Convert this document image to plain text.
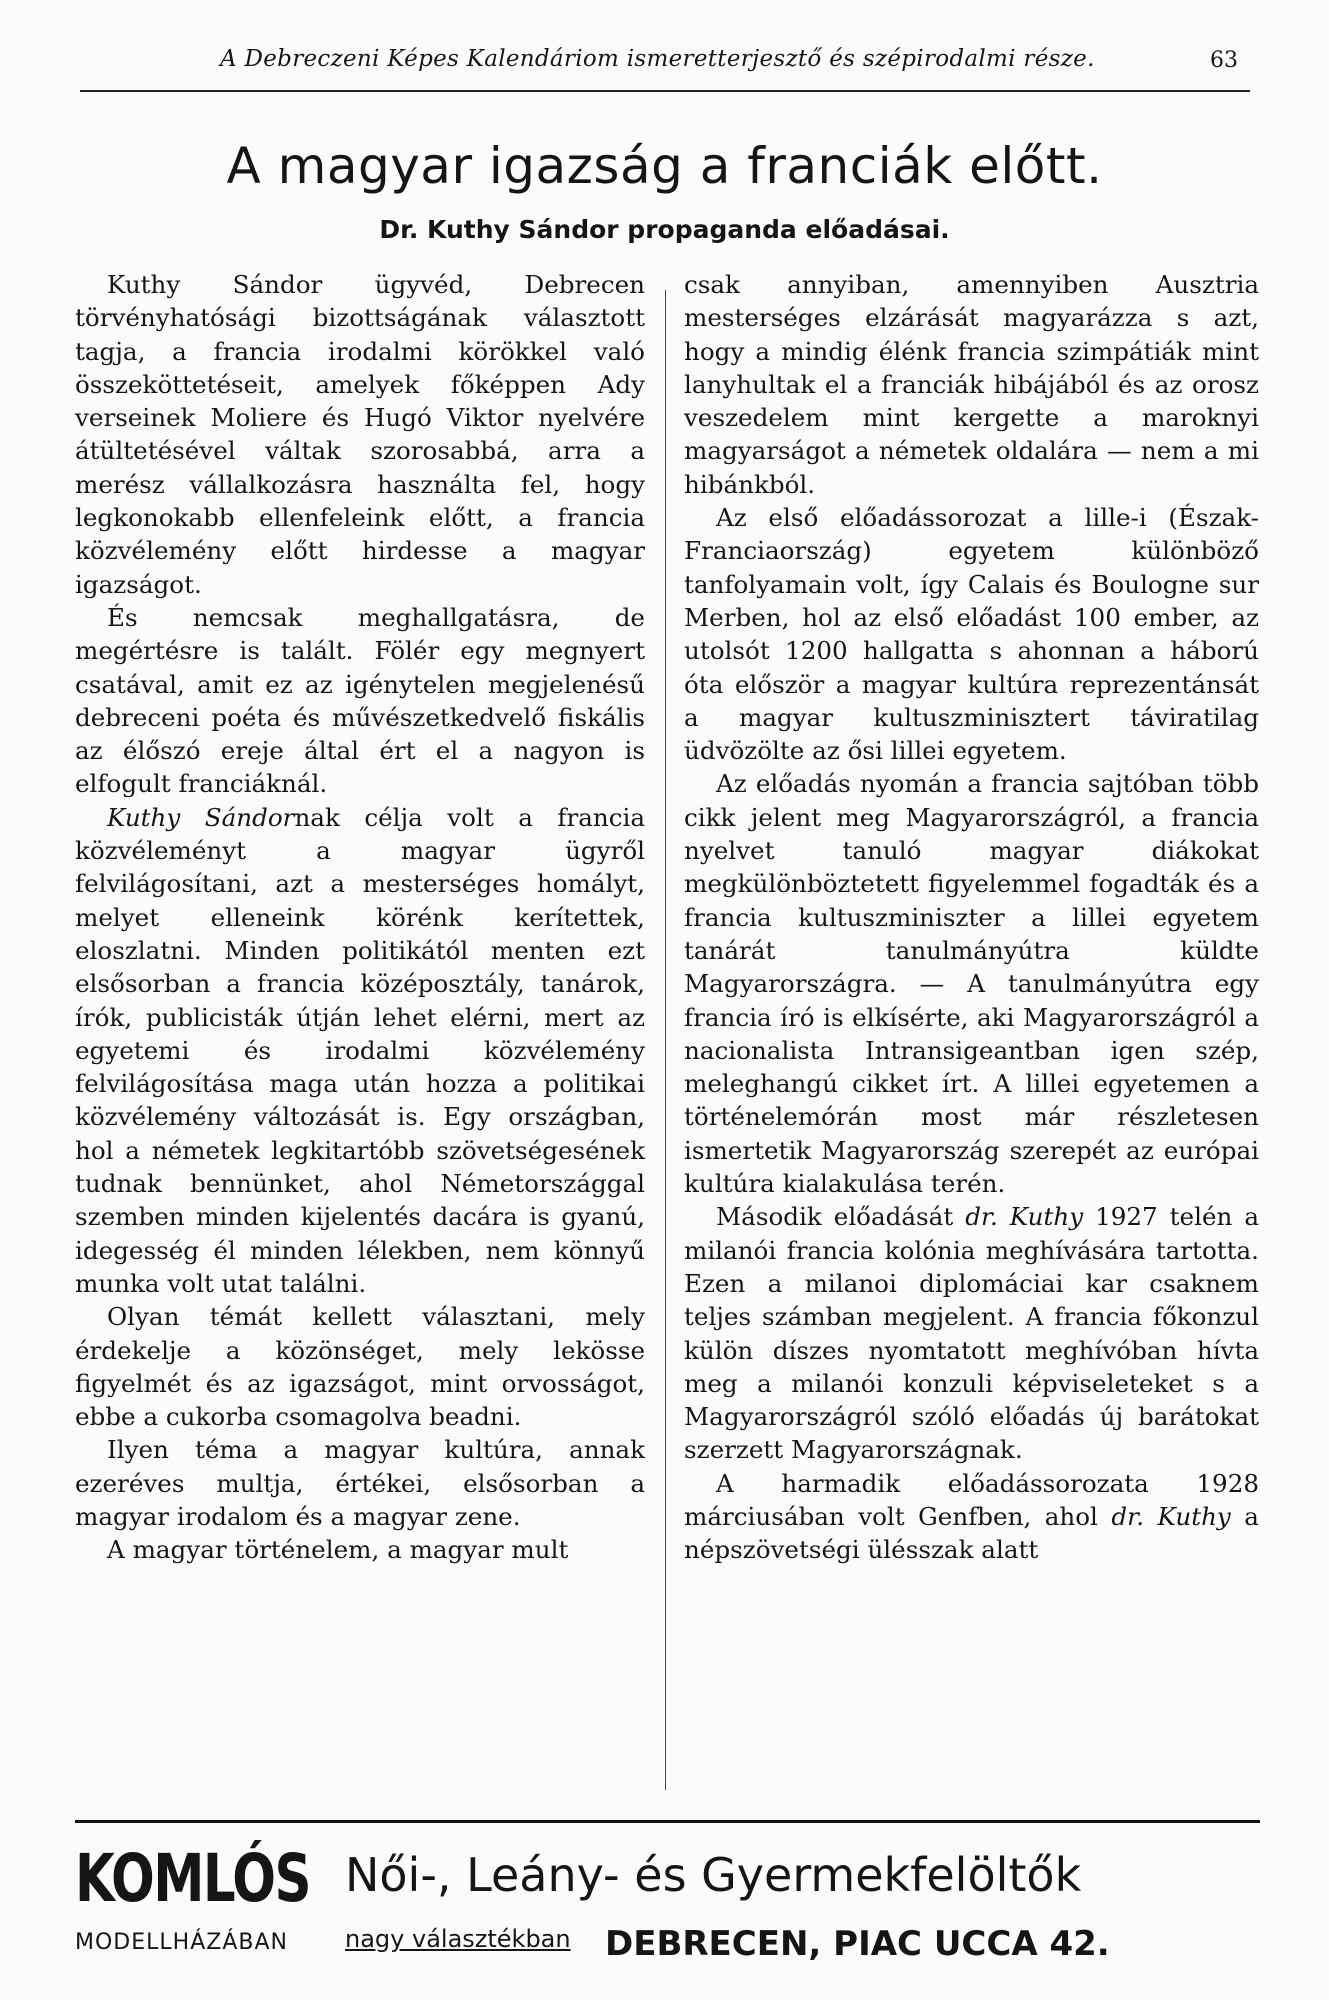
A Debreczeni Képes Kalendáriom ismeretterjesztő és szépirodalmi része.	63
A magyar igazság a franciák előtt.
Dr. Kuthy Sándor propaganda előadásai.

Kuthy Sándor ügyvéd, Debrecen törvényhatósági bizottságának választott tagja, a francia irodalmi körökkel való összeköttetéseit, amelyek főképpen Ady verseinek Moliere és Hugó Viktor nyelvére átültetésével váltak szorosabbá, arra a merész vállalkozásra használta fel, hogy legkonokabb ellenfeleink előtt, a francia közvélemény előtt hirdesse a magyar igazságot.

És nemcsak meghallgatásra, de megértésre is talált. Fölér egy megnyert csatával, amit ez az igénytelen megjelenésű debreceni poéta és művészetkedvelő fiskális az élőszó ereje által ért el a nagyon is elfogult franciáknál.

Kuthy Sándornak célja volt a francia közvéleményt a magyar ügyről felvilágosítani, azt a mesterséges homályt, melyet elleneink körénk kerítettek, eloszlatni. Minden politikától menten ezt elsősorban a francia középosztály, tanárok, írók, publicisták útján lehet elérni, mert az egyetemi és irodalmi közvélemény felvilágosítása maga után hozza a politikai közvélemény változását is. Egy országban, hol a németek legkitartóbb szövetségesének tudnak bennünket, ahol Németországgal szemben minden kijelentés dacára is gyanú, idegesség él minden lélekben, nem könnyű munka volt utat találni.

Olyan témát kellett választani, mely érdekelje a közönséget, mely lekösse figyelmét és az igazságot, mint orvosságot, ebbe a cukorba csomagolva beadni.

Ilyen téma a magyar kultúra, annak ezeréves multja, értékei, elsősorban a magyar irodalom és a magyar zene.

A magyar történelem, a magyar mult

csak annyiban, amennyiben Ausztria mesterséges elzárását magyarázza s azt, hogy a mindig élénk francia szimpátiák mint lanyhultak el a franciák hibájából és az orosz veszedelem mint kergette a maroknyi magyarságot a németek oldalára — nem a mi hibánkból.

Az első előadássorozat a lille-i (Észak-Franciaország) egyetem különböző tanfolyamain volt, így Calais és Boulogne sur Merben, hol az első előadást 100 ember, az utolsót 1200 hallgatta s ahonnan a háború óta először a magyar kultúra reprezentánsát a magyar kultuszminisztert táviratilag üdvözölte az ősi lillei egyetem.

Az előadás nyomán a francia sajtóban több cikk jelent meg Magyarországról, a francia nyelvet tanuló magyar diákokat megkülönböztetett figyelemmel fogadták és a francia kultuszminiszter a lillei egyetem tanárát tanulmányútra küldte Magyarországra. — A tanulmányútra egy francia író is elkísérte, aki Magyarországról a nacionalista Intransigeantban igen szép, meleghangú cikket írt. A lillei egyetemen a történelemórán most már részletesen ismertetik Magyarország szerepét az európai kultúra kialakulása terén.

Második előadását dr. Kuthy 1927 telén a milanói francia kolónia meghívására tartotta. Ezen a milanoi diplomáciai kar csaknem teljes számban megjelent. A francia főkonzul külön díszes nyomtatott meghívóban hívta meg a milanói konzuli képviseleteket s a Magyarországról szóló előadás új barátokat szerzett Magyarországnak.

A harmadik előadássorozata 1928 márciusában volt Genfben, ahol dr. Kuthy a népszövetségi ülésszak alatt

KOMLÓS
MODELLHÁZÁBAN
Női-, Leány- és Gyermekfelöltők
nagy választékban DEBRECEN, PIAC UCCA 42.
